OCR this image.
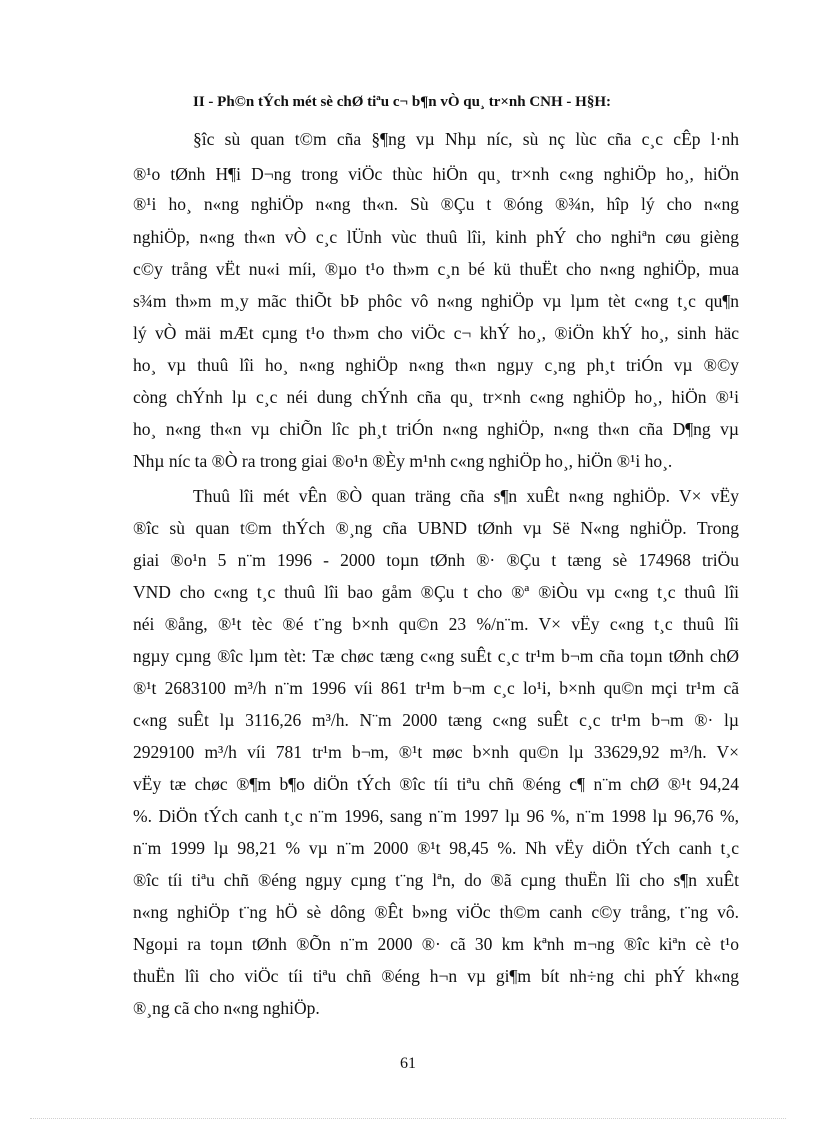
II - Ph©n tÝch mét sè chØ tiªu c¬ b¶n vÒ qu¸ tr×nh CNH - H§H:
§îc sù quan t©m cña §¶ng vµ Nhµ níc, sù nç lùc cña c¸c cÊp l·nh
®¹o tØnh H¶i D¬ng trong viÖc thùc hiÖn qu¸ tr×nh c«ng nghiÖp ho¸, hiÖn
®¹i ho¸ n«ng nghiÖp n«ng th«n. Sù ®Çu t ®óng ®¾n, hîp lý cho n«ng
nghiÖp, n«ng th«n vÒ c¸c lÜnh vùc thuû lîi, kinh phÝ cho nghiªn cøu gièng
c©y trång vËt nu«i míi, ®µo t¹o th»m c¸n bé kü thuËt cho n«ng nghiÖp, mua
s¾m th»m m¸y mãc thiÕt bÞ phôc vô n«ng nghiÖp vµ lµm tèt c«ng t¸c qu¶n
lý vÒ mäi mÆt cµng t¹o th»m cho viÖc c¬ khÝ ho¸, ®iÖn khÝ ho¸, sinh häc
ho¸ vµ thuû lîi ho¸ n«ng nghiÖp n«ng th«n ngµy c¸ng ph¸t triÓn vµ ®©y
còng chÝnh lµ c¸c néi dung chÝnh cña qu¸ tr×nh c«ng nghiÖp ho¸, hiÖn ®¹i
ho¸ n«ng th«n vµ chiÕn lîc ph¸t triÓn n«ng nghiÖp, n«ng th«n cña D¶ng vµ
Nhµ níc ta ®Ò ra trong giai ®o¹n ®Èy m¹nh c«ng nghiÖp ho¸, hiÖn ®¹i ho¸.
Thuû lîi mét vÊn ®Ò quan träng cña s¶n xuÊt n«ng nghiÖp. V× vËy
®îc sù quan t©m thÝch ®¸ng cña UBND tØnh vµ Së N«ng nghiÖp. Trong
giai ®o¹n 5 n¨m 1996 - 2000 toµn tØnh ®· ®Çu t tæng sè 174968 triÖu
VND cho c«ng t¸c thuû lîi bao gåm ®Çu t cho ®ª ®iÒu vµ c«ng t¸c thuû lîi
néi ®ång, ®¹t tèc ®é t¨ng b×nh qu©n 23 %/n¨m. V× vËy c«ng t¸c thuû lîi
ngµy cµng ®îc lµm tèt: Tæ chøc tæng c«ng suÊt c¸c tr¹m b¬m cña toµn tØnh chØ
®¹t 2683100 m³/h n¨m 1996 víi 861 tr¹m b¬m c¸c lo¹i, b×nh qu©n mçi tr¹m cã
c«ng suÊt lµ 3116,26 m³/h. N¨m 2000 tæng c«ng suÊt c¸c tr¹m b¬m ®· lµ
2929100 m³/h víi 781 tr¹m b¬m, ®¹t møc b×nh qu©n lµ 33629,92 m³/h. V×
vËy tæ chøc ®¶m b¶o diÖn tÝch ®îc tíi tiªu chñ ®éng c¶ n¨m chØ ®¹t 94,24
%. DiÖn tÝch canh t¸c n¨m 1996, sang n¨m 1997 lµ 96 %, n¨m 1998 lµ 96,76 %,
n¨m 1999 lµ 98,21 % vµ n¨m 2000 ®¹t 98,45 %. Nh vËy diÖn tÝch canh t¸c
®îc tíi tiªu chñ ®éng ngµy cµng t¨ng lªn, do ®ã cµng thuËn lîi cho s¶n xuÊt
n«ng nghiÖp t¨ng hÖ sè dông ®Êt b»ng viÖc th©m canh c©y trång, t¨ng vô.
Ngoµi ra toµn tØnh ®Õn n¨m 2000 ®· cã 30 km kªnh m¬ng ®îc kiªn cè t¹o
thuËn lîi cho viÖc tíi tiªu chñ ®éng h¬n vµ gi¶m bít nh÷ng chi phÝ kh«ng
®¸ng cã cho n«ng nghiÖp.
61
